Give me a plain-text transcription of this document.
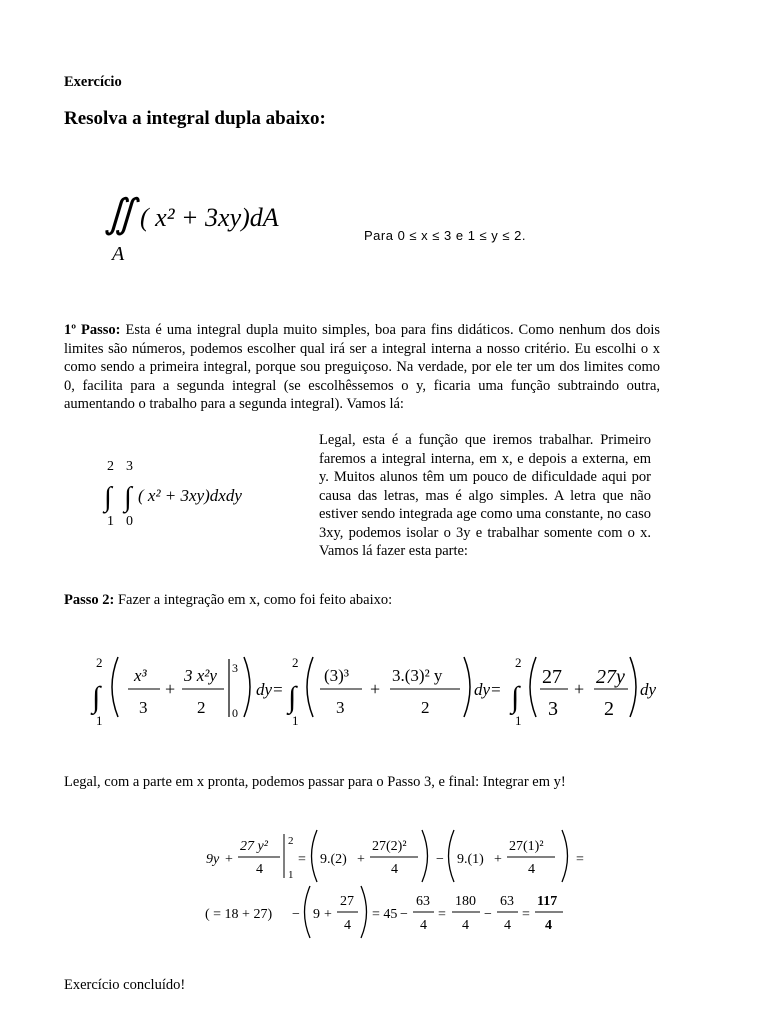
Exercício
Resolva a integral dupla abaixo:
∬ ( x² + 3xy)dA
A
Para 0 ≤ x ≤ 3 e 1 ≤ y ≤ 2.
1º Passo: Esta é uma integral dupla muito simples, boa para fins didáticos. Como nenhum dos dois limites são números, podemos escolher qual irá ser a integral interna a nosso critério. Eu escolhi o x como sendo a primeira integral, porque sou preguiçoso. Na verdade, por ele ter um dos limites como 0, facilita para a segunda integral (se escolhêssemos o y, ficaria uma função subtraindo outra, aumentando o trabalho para a segunda integral). Vamos lá:
2 3
∫ ∫ ( x² + 3xy)dxdy
1 0
Legal, esta é a função que iremos trabalhar. Primeiro faremos a integral interna, em x, e depois a externa, em y. Muitos alunos têm um pouco de dificuldade aqui por causa das letras, mas é algo simples. A letra que não estiver sendo integrada age como uma constante, no caso 3xy, podemos isolar o 3y e trabalhar somente com o x. Vamos lá fazer esta parte:
Passo 2: Fazer a integração em x, como foi feito abaixo:
2
∫
1
x³
3
+
3 x²y
2
3
0
dy=
2
∫
1
(3)³
3
+
3.(3)² y
2
dy=
2
∫
1
27
3
+
27y
2
dy
Legal, com a parte em x pronta, podemos passar para o Passo 3, e final: Integrar em y!
9y +
27 y²
4
2
1
= 9.(2) +
27(2)²
4
− 9.(1) +
27(1)²
4
=
( = 18 + 27) − 9 +
27
4
= 45 −
63
4
=
180
4
−
63
4
=
117
4
Exercício concluído!
